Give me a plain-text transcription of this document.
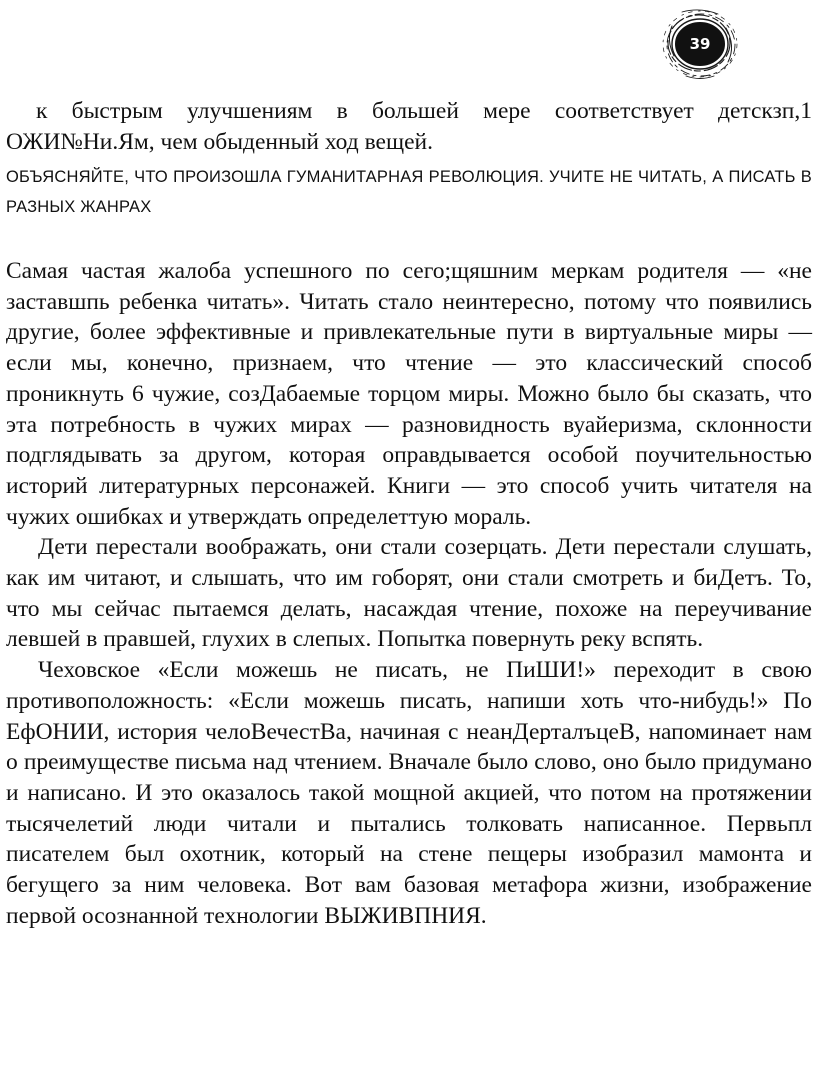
39

к быстрым улучшениям в большей мере соответствует детскзп,1 ОЖИ№Ни.Ям, чем обыденный ход вещей.

ОБЪЯСНЯЙТЕ, ЧТО ПРОИЗОШЛА ГУМАНИТАРНАЯ РЕВОЛЮЦИЯ. УЧИТЕ НЕ ЧИТАТЬ, А ПИСАТЬ В РАЗНЫХ ЖАНРАХ

Самая частая жалоба успешного по сего;щяшним меркам родителя — «не заставшпь ребенка читать». Читать стало неинтересно, потому что появились другие, более эффективные и привлекательные пути в виртуальные миры — если мы, конечно, признаем, что чтение — это классический способ проникнуть 6 чужие, созДабаемые торцом миры. Можно было бы сказать, что эта потребность в чужих мирах — разновидность вуайеризма, склонности подглядывать за другом, которая оправдывается особой поучительностью историй литературных персонажей. Книги — это способ учить читателя на чужих ошибках и утверждать определеттую мораль.

Дети перестали воображать, они стали созерцать. Дети перестали слушать, как им читают, и слышать, что им гоборят, они стали смотреть и биДетъ. То, что мы сейчас пытаемся делать, насаждая чтение, похоже на переучивание левшей в правшей, глухих в слепых. Попытка повернуть реку вспять.

Чеховское «Если можешь не писать, не ПиШИ!» переходит в свою противоположность: «Если можешь писать, напиши хоть что-нибудь!» По ЕфОНИИ, история челоВечестВа, начиная с неанДерталъцеВ, напоминает нам о преимуществе письма над чтением. Вначале было слово, оно было придумано и написано. И это оказалось такой мощной акцией, что потом на протяжении тысячелетий люди читали и пытались толковать написанное. Первьпл писателем был охотник, который на стене пещеры изобразил мамонта и бегущего за ним человека. Вот вам базовая метафора жизни, изображение первой осознанной технологии ВЫЖИВПНИЯ.
